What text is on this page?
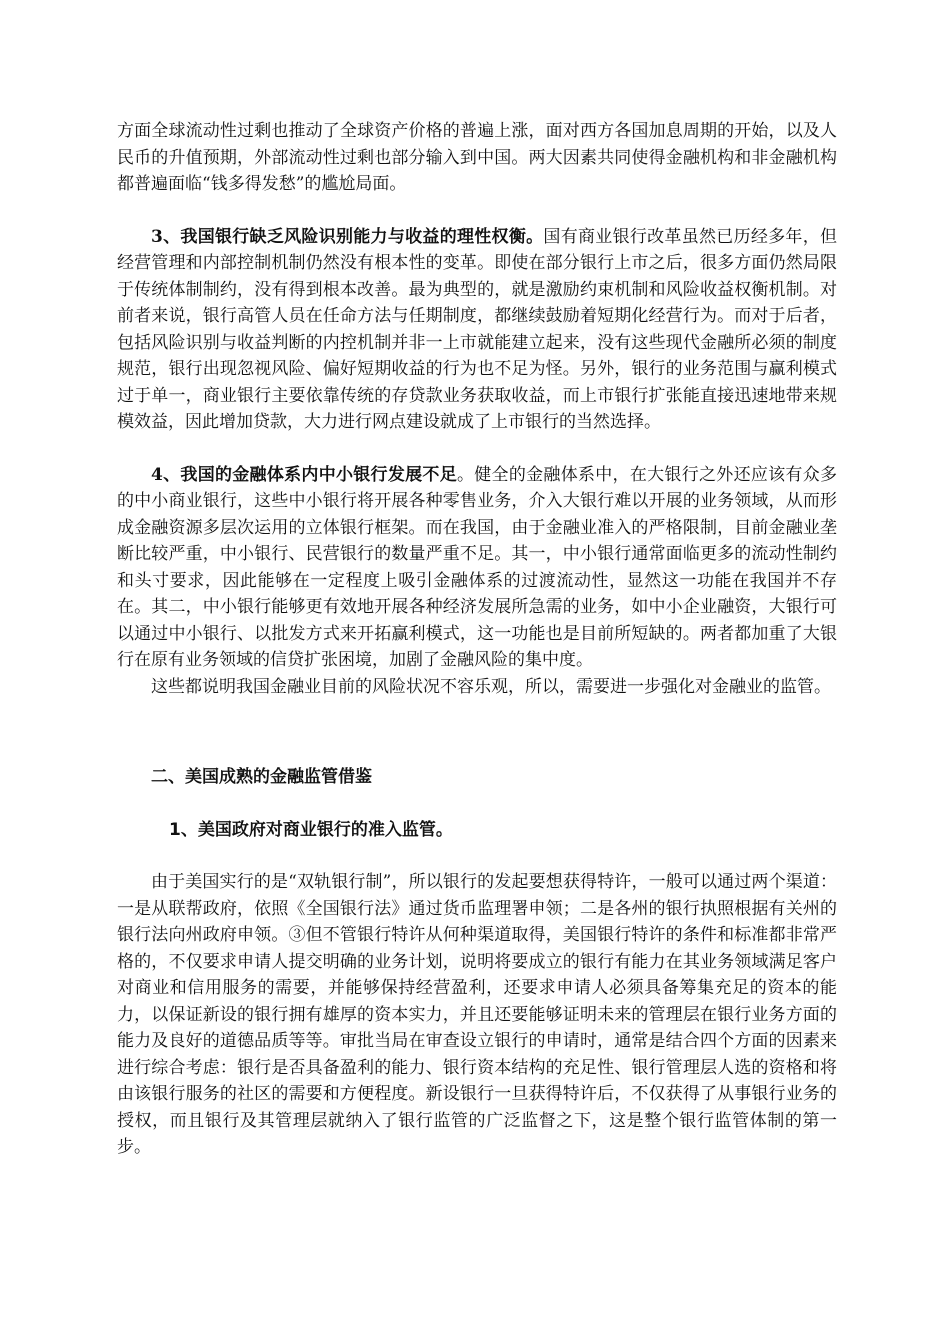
方面全球流动性过剩也推动了全球资产价格的普遍上涨，面对西方各国加息周期的开始，以及人民币的升值预期，外部流动性过剩也部分输入到中国。两大因素共同使得金融机构和非金融机构都普遍面临“钱多得发愁”的尴尬局面。

3、我国银行缺乏风险识别能力与收益的理性权衡。国有商业银行改革虽然已历经多年，但经营管理和内部控制机制仍然没有根本性的变革。即使在部分银行上市之后，很多方面仍然局限于传统体制制约，没有得到根本改善。最为典型的，就是激励约束机制和风险收益权衡机制。对前者来说，银行高管人员在任命方法与任期制度，都继续鼓励着短期化经营行为。而对于后者，包括风险识别与收益判断的内控机制并非一上市就能建立起来，没有这些现代金融所必须的制度规范，银行出现忽视风险、偏好短期收益的行为也不足为怪。另外，银行的业务范围与赢利模式过于单一，商业银行主要依靠传统的存贷款业务获取收益，而上市银行扩张能直接迅速地带来规模效益，因此增加贷款，大力进行网点建设就成了上市银行的当然选择。

4、我国的金融体系内中小银行发展不足。健全的金融体系中，在大银行之外还应该有众多的中小商业银行，这些中小银行将开展各种零售业务，介入大银行难以开展的业务领域，从而形成金融资源多层次运用的立体银行框架。而在我国，由于金融业准入的严格限制，目前金融业垄断比较严重，中小银行、民营银行的数量严重不足。其一，中小银行通常面临更多的流动性制约和头寸要求，因此能够在一定程度上吸引金融体系的过渡流动性，显然这一功能在我国并不存在。其二，中小银行能够更有效地开展各种经济发展所急需的业务，如中小企业融资，大银行可以通过中小银行、以批发方式来开拓赢利模式，这一功能也是目前所短缺的。两者都加重了大银行在原有业务领域的信贷扩张困境，加剧了金融风险的集中度。

这些都说明我国金融业目前的风险状况不容乐观，所以，需要进一步强化对金融业的监管。

二、美国成熟的金融监管借鉴

1、美国政府对商业银行的准入监管。

由于美国实行的是“双轨银行制”，所以银行的发起要想获得特许，一般可以通过两个渠道：一是从联帮政府，依照《全国银行法》通过货币监理署申领；二是各州的银行执照根据有关州的银行法向州政府申领。③但不管银行特许从何种渠道取得，美国银行特许的条件和标准都非常严格的，不仅要求申请人提交明确的业务计划，说明将要成立的银行有能力在其业务领域满足客户对商业和信用服务的需要，并能够保持经营盈利，还要求申请人必须具备筹集充足的资本的能力，以保证新设的银行拥有雄厚的资本实力，并且还要能够证明未来的管理层在银行业务方面的能力及良好的道德品质等等。审批当局在审查设立银行的申请时，通常是结合四个方面的因素来进行综合考虑：银行是否具备盈利的能力、银行资本结构的充足性、银行管理层人选的资格和将由该银行服务的社区的需要和方便程度。新设银行一旦获得特许后，不仅获得了从事银行业务的授权，而且银行及其管理层就纳入了银行监管的广泛监督之下，这是整个银行监管体制的第一步。
